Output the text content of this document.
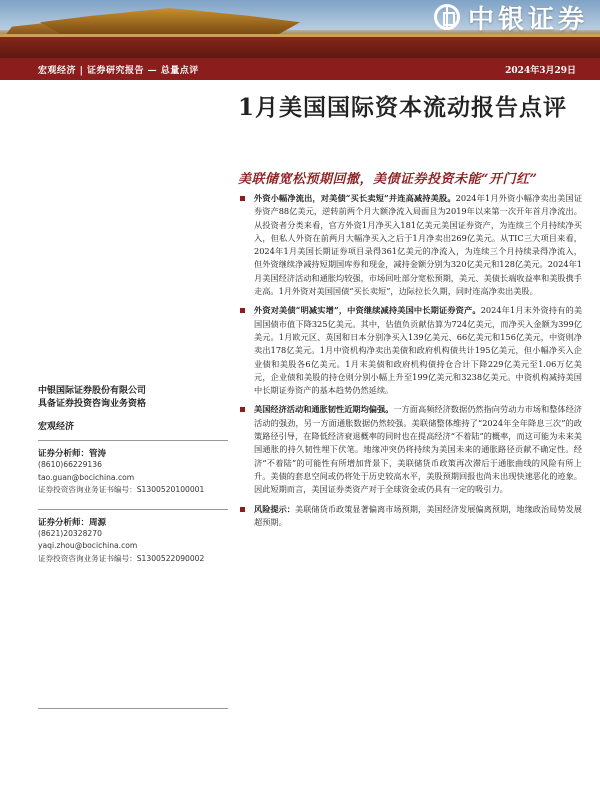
中银证券
宏观经济 | 证券研究报告 — 总量点评	2024年3月29日
1月美国国际资本流动报告点评
美联储宽松预期回撤，美债证券投资未能“开门红”
外资小幅净流出，对美债“买长卖短”并连高减持美股。2024年1月外资小幅净卖出美国证券资产88亿美元，逆转前两个月大额净流入局面且为2019年以来第一次开年首月净流出。从投资者分类来看，官方外资1月净买入181亿美元美国证券资产，为连续三个月持续净买入，但私人外资在前两月大幅净买入之后于1月净卖出269亿美元。从TIC三大项目来看，2024年1月美国长期证券项目录得361亿美元的净流入，为连续三个月持续录得净流入，但外资继续净减持短期国库券和现金，减持金额分别为320亿美元和128亿美元。2024年1月美国经济活动和通胀均较强，市场回吐部分宽松预期，美元、美债长端收益率和美股携手走高。1月外资对美国国债“买长卖短”，边际拉长久期，同时连高净卖出美股。
外资对美债“明减实增”，中资继续减持美国中长期证券资产。2024年1月末外资持有的美国国债市值下降325亿美元。其中，估值负贡献估算为724亿美元，而净买入金额为399亿美元。1月欧元区、英国和日本分别净买入139亿美元、66亿美元和156亿美元，中资则净卖出178亿美元。1月中资机构净卖出美债和政府机构债共计195亿美元，但小幅净买入企业债和美股各6亿美元。1月末美债和政府机构债持仓合计下降229亿美元至1.06万亿美元，企业债和美股的持仓则分别小幅上升至199亿美元和3238亿美元。中资机构减持美国中长期证券资产的基本趋势仍然延续。
美国经济活动和通胀韧性近期均偏强。一方面高频经济数据仍然指向劳动力市场和整体经济活动的强劲，另一方面通胀数据仍然较强。美联储整体维持了“2024年全年降息三次”的政策路径引导，在降低经济衰退概率的同时也在提高经济“不着陆”的概率，而这可能为未来美国通胀的持久韧性埋下伏笔。地缘冲突仍将持续为美国未来的通胀路径贡献不确定性。经济“不着陆”的可能性有所增加背景下，美联储货币政策再次滞后于通胀曲线的风险有所上升。美债的套息空间或仍将处于历史较高水平，美股预期回报也尚未出现快速恶化的迹象。因此短期而言，美国证券类资产对于全球资金或仍具有一定的吸引力。
风险提示：美联储货币政策显著偏离市场预期，美国经济发展偏离预期，地缘政治局势发展超预期。
中银国际证券股份有限公司
具备证券投资咨询业务资格
宏观经济
证券分析师：管涛
(8610)66229136
tao.guan@bocichina.com
证券投资咨询业务证书编号：S1300520100001
证券分析师：周源
(8621)20328270
yaqi.zhou@bocichina.com
证券投资咨询业务证书编号：S1300522090002
